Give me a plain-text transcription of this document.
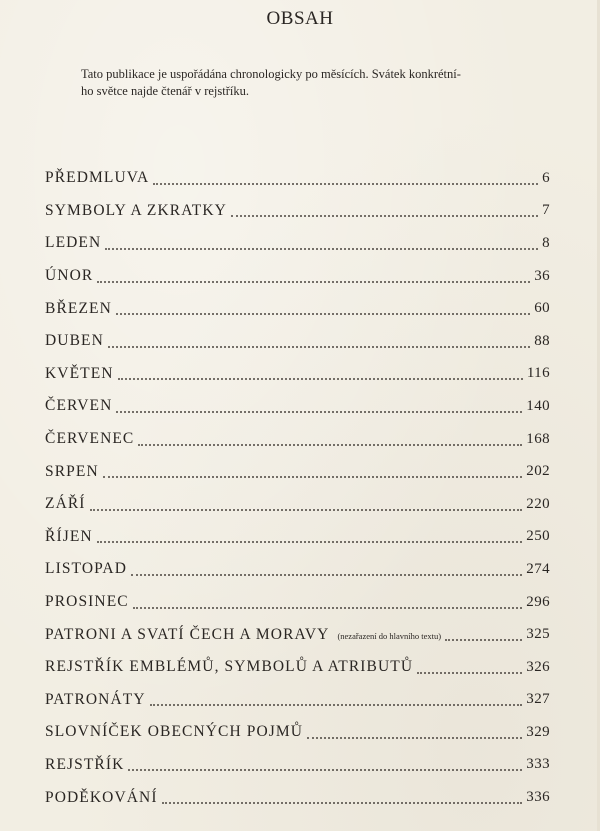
OBSAH
Tato publikace je uspořádána chronologicky po měsících. Svátek konkrétní-
ho světce najde čtenář v rejstříku.
PŘEDMLUVA	6
SYMBOLY A ZKRATKY	7
LEDEN	8
ÚNOR	36
BŘEZEN	60
DUBEN	88
KVĚTEN	116
ČERVEN	140
ČERVENEC	168
SRPEN	202
ZÁŘÍ	220
ŘÍJEN	250
LISTOPAD	274
PROSINEC	296
PATRONI A SVATÍ ČECH A MORAVY (nezařazení do hlavního textu)	325
REJSTŘÍK EMBLÉMŮ, SYMBOLŮ A ATRIBUTŮ	326
PATRONÁTY	327
SLOVNÍČEK OBECNÝCH POJMŮ	329
REJSTŘÍK	333
PODĚKOVÁNÍ	336
